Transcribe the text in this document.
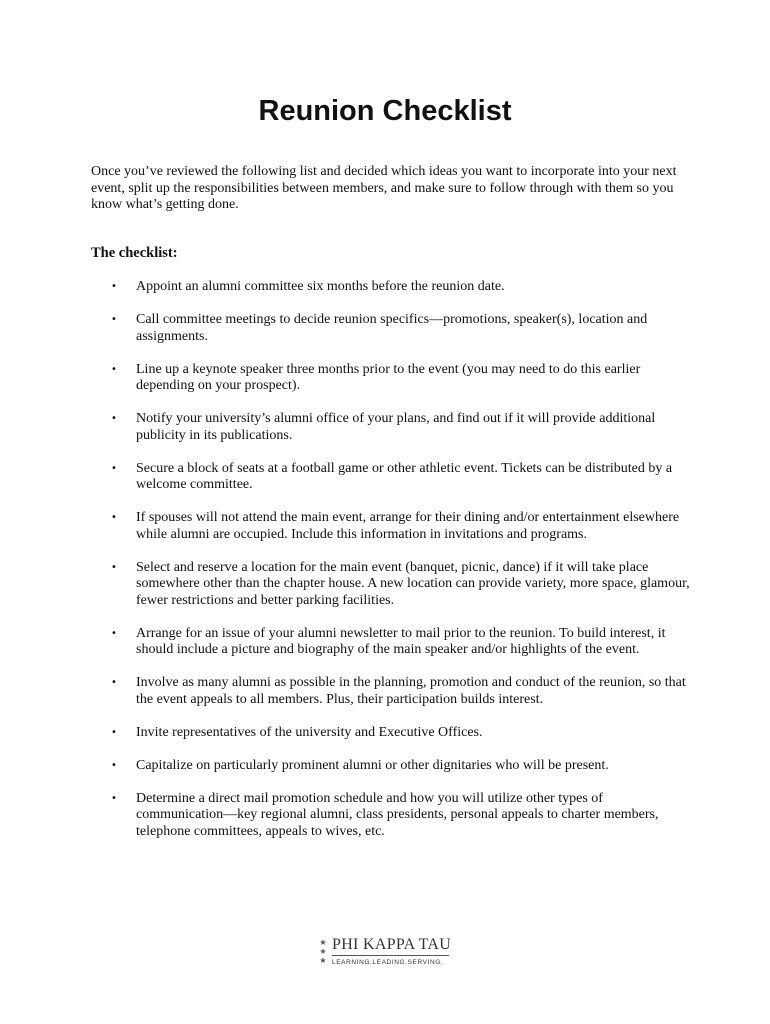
Reunion Checklist

Once you’ve reviewed the following list and decided which ideas you want to incorporate into your next event, split up the responsibilities between members, and make sure to follow through with them so you know what’s getting done.

The checklist:
• Appoint an alumni committee six months before the reunion date.
• Call committee meetings to decide reunion specifics—promotions, speaker(s), location and assignments.
• Line up a keynote speaker three months prior to the event (you may need to do this earlier depending on your prospect).
• Notify your university’s alumni office of your plans, and find out if it will provide additional publicity in its publications.
• Secure a block of seats at a football game or other athletic event. Tickets can be distributed by a welcome committee.
• If spouses will not attend the main event, arrange for their dining and/or entertainment elsewhere while alumni are occupied. Include this information in invitations and programs.
• Select and reserve a location for the main event (banquet, picnic, dance) if it will take place somewhere other than the chapter house. A new location can provide variety, more space, glamour, fewer restrictions and better parking facilities.
• Arrange for an issue of your alumni newsletter to mail prior to the reunion. To build interest, it should include a picture and biography of the main speaker and/or highlights of the event.
• Involve as many alumni as possible in the planning, promotion and conduct of the reunion, so that the event appeals to all members. Plus, their participation builds interest.
• Invite representatives of the university and Executive Offices.
• Capitalize on particularly prominent alumni or other dignitaries who will be present.
• Determine a direct mail promotion schedule and how you will utilize other types of communication—key regional alumni, class presidents, personal appeals to charter members, telephone committees, appeals to wives, etc.
★
★
★
PHI KAPPA TAU
LEARNING.LEADING.SERVING.
